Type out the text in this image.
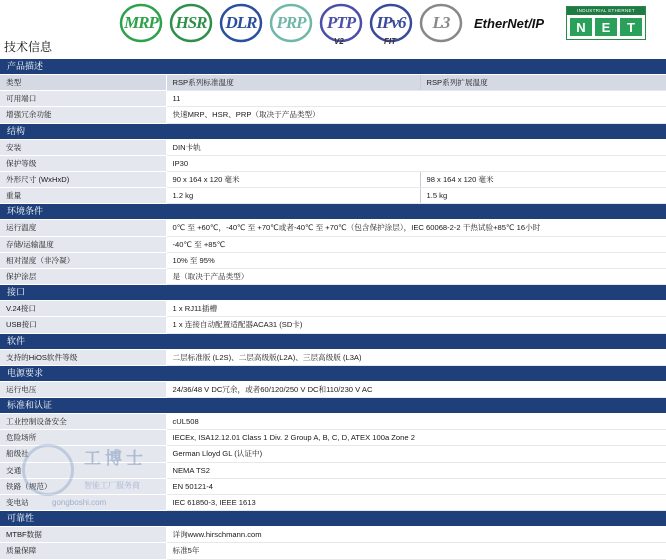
MRP HSR DLR PRP PTP
V2
IPv6
FIT
L3 EtherNet/IP
INDUSTRIAL ETHERNET
N	E	T
技术信息
产品描述		
类型	RSP系列标准温度	RSP系列扩展温度
可用端口	11	
增强冗余功能	快速MRP、HSR、PRP（取决于产品类型）	
结构		
安装	DIN卡轨	
保护等级	IP30	
外形尺寸 (WxHxD)	90 x 164 x 120 毫米	98 x 164 x 120 毫米
重量	1.2 kg	1.5 kg
环境条件		
运行温度	0℃ 至 +60℃，-40℃ 至 +70℃或者-40℃ 至 +70℃（包含保护涂层），IEC 60068-2-2 干热试验+85℃ 16小时	
存储/运输温度	-40℃ 至 +85℃	
相对湿度（非冷凝）	10% 至 95%	
保护涂层	是（取决于产品类型）	
接口		
V.24接口	1 x RJ11插槽	
USB接口	1 x 连接自动配置适配器ACA31 (SD卡)	
软件		
支持的HiOS软件等级	二层标准版 (L2S)、二层高级版(L2A)、三层高级版 (L3A)	
电源要求		
运行电压	24/36/48 V DC冗余，或者60/120/250 V DC和110/230 V AC	
标准和认证		
工业控制设备安全	cUL508	
危险场所	IECEx, ISA12.12.01 Class 1 Div. 2 Group A, B, C, D, ATEX 100a Zone 2	
船级社	German Lloyd GL (认证中)	
交通	NEMA TS2	
铁路（规范）	EN 50121-4	
变电站	IEC 61850-3, IEEE 1613	
可靠性		
MTBF数据	详询www.hirschmann.com	
质量保障	标准5年	
工博士
智能工厂服务商
gongboshi.com
